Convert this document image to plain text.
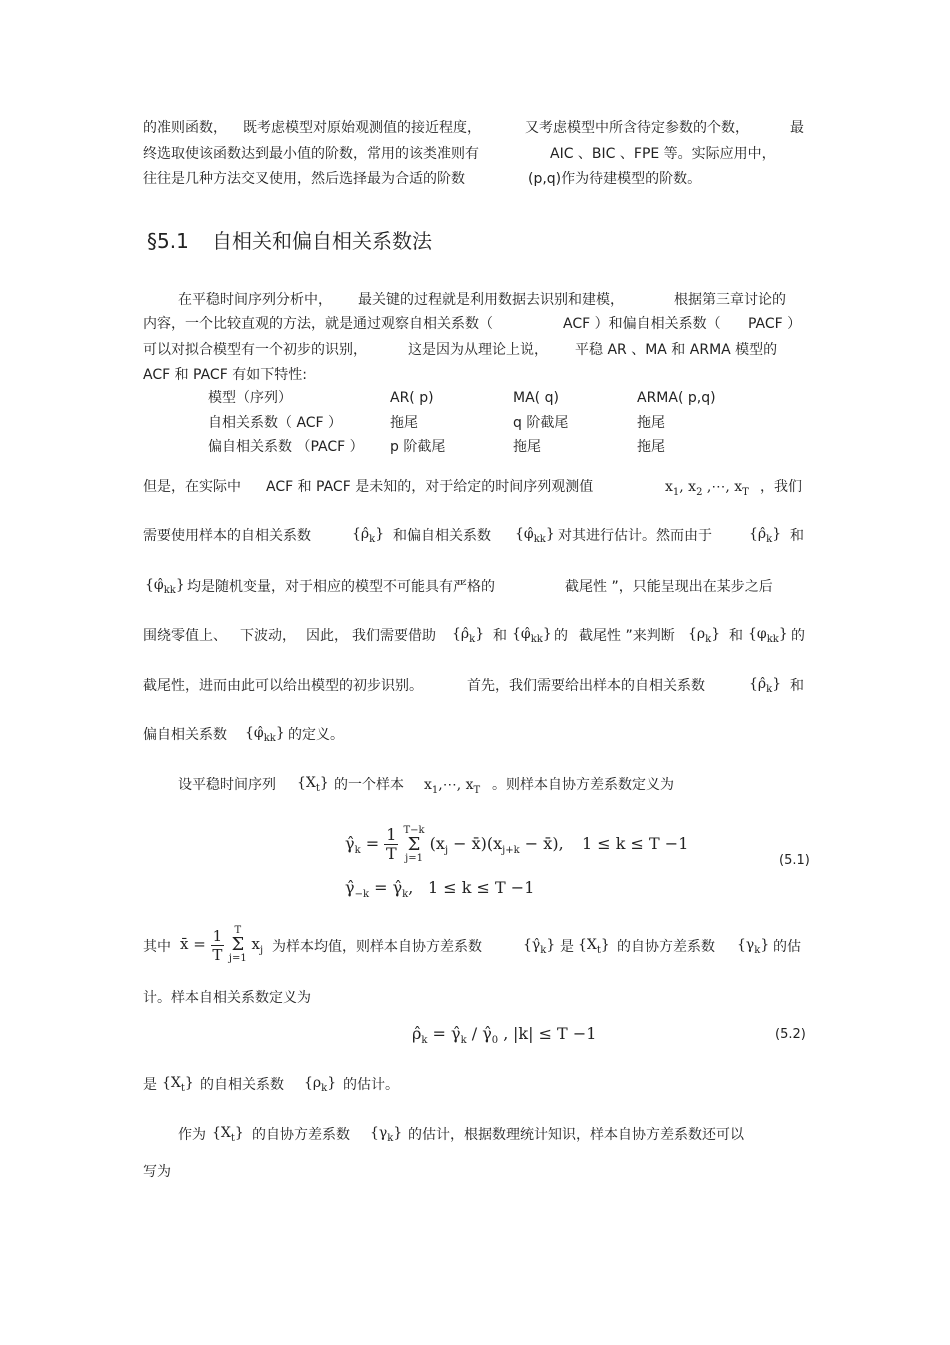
的准则函数， 既考虑模型对原始观测值的接近程度，	又考虑模型中所含待定参数的个数，	最
终选取使该函数达到最小值的阶数，常用的该类准则有	AIC 、BIC 、FPE 等。实际应用中，
往往是几种方法交叉使用，然后选择最为合适的阶数	(p,q)作为待建模型的阶数。
§5.1 自相关和偏自相关系数法
在平稳时间序列分析中， 最关键的过程就是利用数据去识别和建模，	根据第三章讨论的
内容，一个比较直观的方法，就是通过观察自相关系数（	ACF ）和偏自相关系数（ PACF ）
可以对拟合模型有一个初步的识别，	这是因为从理论上说， 平稳 AR 、MA 和 ARMA 模型的
ACF 和 PACF 有如下特性:
模型（序列）	AR( p)	MA( q)	ARMA( p,q)
自相关系数（ ACF ）	拖尾	q 阶截尾	拖尾
偏自相关系数 （PACF ） p 阶截尾	拖尾	拖尾
但是，在实际中 ACF 和 PACF 是未知的，对于给定的时间序列观测值	$x_1$, $x_2$ ,⋯, $x_T$ ，我们
需要使用样本的自相关系数	$\{\rhô_k\}$ 和偏自相关系数 $\{\varphî_{kk}\}$ 对其进行估计。然而由于	$\{\rhô_k\}$ 和
$\{\varphî_{kk}\}$ 均是随机变量，对于相应的模型不可能具有严格的	截尾性 ”，只能呈现出在某步之后
围绕零值上、 下波动， 因此， 我们需要借助 $\{\rhô_k\}$ 和 $\{\varphî_{kk}\}$ 的 截尾性 ”来判断 $\{\rho_k\}$ 和 $\{\varphi_{kk}\}$ 的
截尾性，进而由此可以给出模型的初步识别。	首先，我们需要给出样本的自相关系数	$\{\rhô_k\}$ 和
偏自相关系数 $\{\varphî_{kk}\}$ 的定义。
设平稳时间序列 $\{X_t\}$ 的一个样本 $x_1,\cdots$, $x_T$ 。则样本自协方差系数定义为
$\gammâ_k = \frac{1}{T} T-k$
Σ
j=1 ($x_j$ − $x̄)(x_{j+k}$ − x̄), 1 ≤ k ≤ T −1
$\gammâ_{-k}$ = $\gammâ_k$, 1 ≤ k ≤ T −1
(5.1)
其中 x̄ = $\frac{1}{T}$ T
Σ
j=1 $x_j$ 为样本均值，则样本自协方差系数	$\{\gammâ_k\}$ 是 $\{X_t\}$ 的自协方差系数 $\{\gamma_k\}$ 的估
计。样本自相关系数定义为
$\rhô_k$ = $\gammâ_k$ / $\gammâ_0$ , |k| ≤ T −1	(5.2)
是 $\{X_t\}$ 的自相关系数 $\{\rho_k\}$ 的估计。
作为 $\{X_t\}$ 的自协方差系数 $\{\gamma_k\}$ 的估计，根据数理统计知识，样本自协方差系数还可以
写为
